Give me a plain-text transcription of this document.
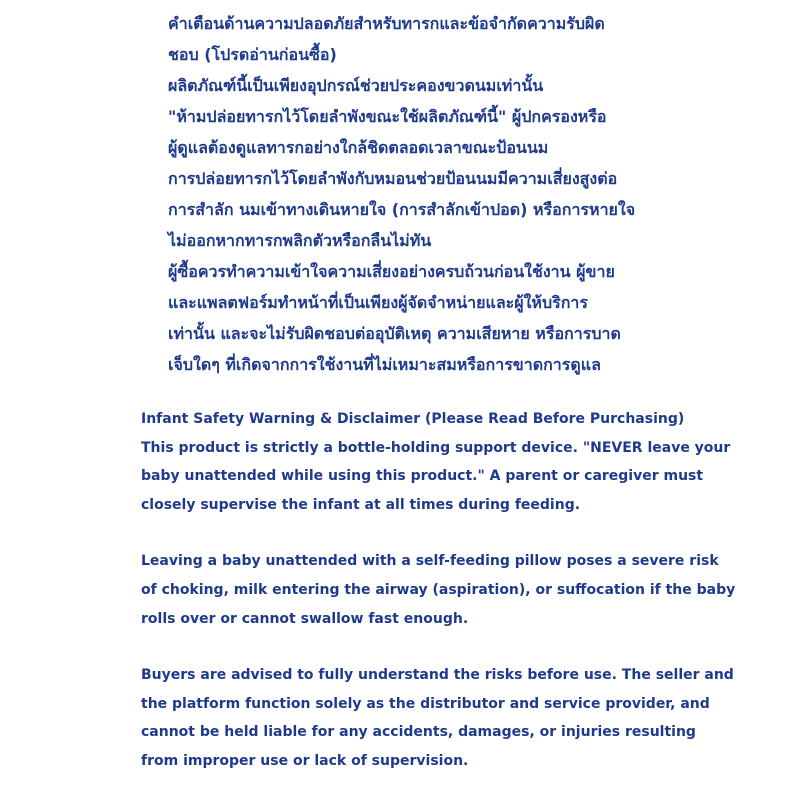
คำเตือนด้านความปลอดภัยสำหรับทารกและข้อจำกัดความรับผิด
ชอบ (โปรดอ่านก่อนซื้อ)
ผลิตภัณฑ์นี้เป็นเพียงอุปกรณ์ช่วยประคองขวดนมเท่านั้น
"ห้ามปล่อยทารกไว้โดยลำพังขณะใช้ผลิตภัณฑ์นี้" ผู้ปกครองหรือ
ผู้ดูแลต้องดูแลทารกอย่างใกล้ชิดตลอดเวลาขณะป้อนนม
การปล่อยทารกไว้โดยลำพังกับหมอนช่วยป้อนนมมีความเสี่ยงสูงต่อ
การสำลัก นมเข้าทางเดินหายใจ (การสำลักเข้าปอด) หรือการหายใจ
ไม่ออกหากทารกพลิกตัวหรือกลืนไม่ทัน
ผู้ซื้อควรทำความเข้าใจความเสี่ยงอย่างครบถ้วนก่อนใช้งาน ผู้ขาย
และแพลตฟอร์มทำหน้าที่เป็นเพียงผู้จัดจำหน่ายและผู้ให้บริการ
เท่านั้น และจะไม่รับผิดชอบต่ออุบัติเหตุ ความเสียหาย หรือการบาด
เจ็บใดๆ ที่เกิดจากการใช้งานที่ไม่เหมาะสมหรือการขาดการดูแล
Infant Safety Warning & Disclaimer (Please Read Before Purchasing)
This product is strictly a bottle-holding support device. "NEVER leave your
baby unattended while using this product." A parent or caregiver must
closely supervise the infant at all times during feeding.
Leaving a baby unattended with a self-feeding pillow poses a severe risk
of choking, milk entering the airway (aspiration), or suffocation if the baby
rolls over or cannot swallow fast enough.
Buyers are advised to fully understand the risks before use. The seller and
the platform function solely as the distributor and service provider, and
cannot be held liable for any accidents, damages, or injuries resulting
from improper use or lack of supervision.
